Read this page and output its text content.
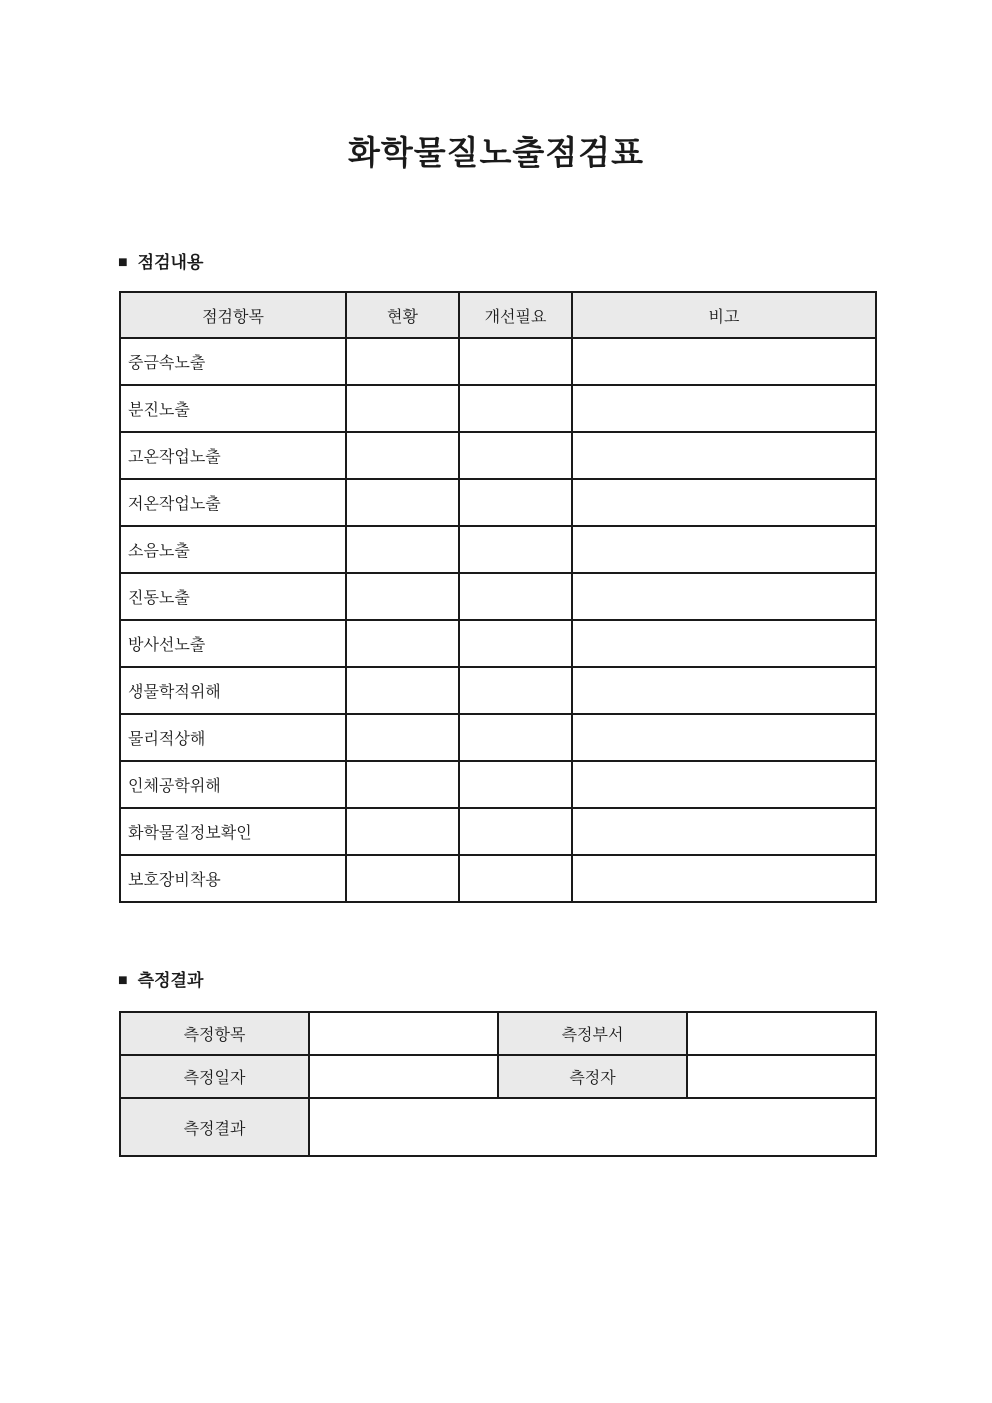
화학물질노출점검표
■ 점검내용
점검항목	현황	개선필요	비고
중금속노출			
분진노출			
고온작업노출			
저온작업노출			
소음노출			
진동노출			
방사선노출			
생물학적위해			
물리적상해			
인체공학위해			
화학물질정보확인			
보호장비착용			
■ 측정결과
측정항목		측정부서	
측정일자		측정자	
측정결과			
